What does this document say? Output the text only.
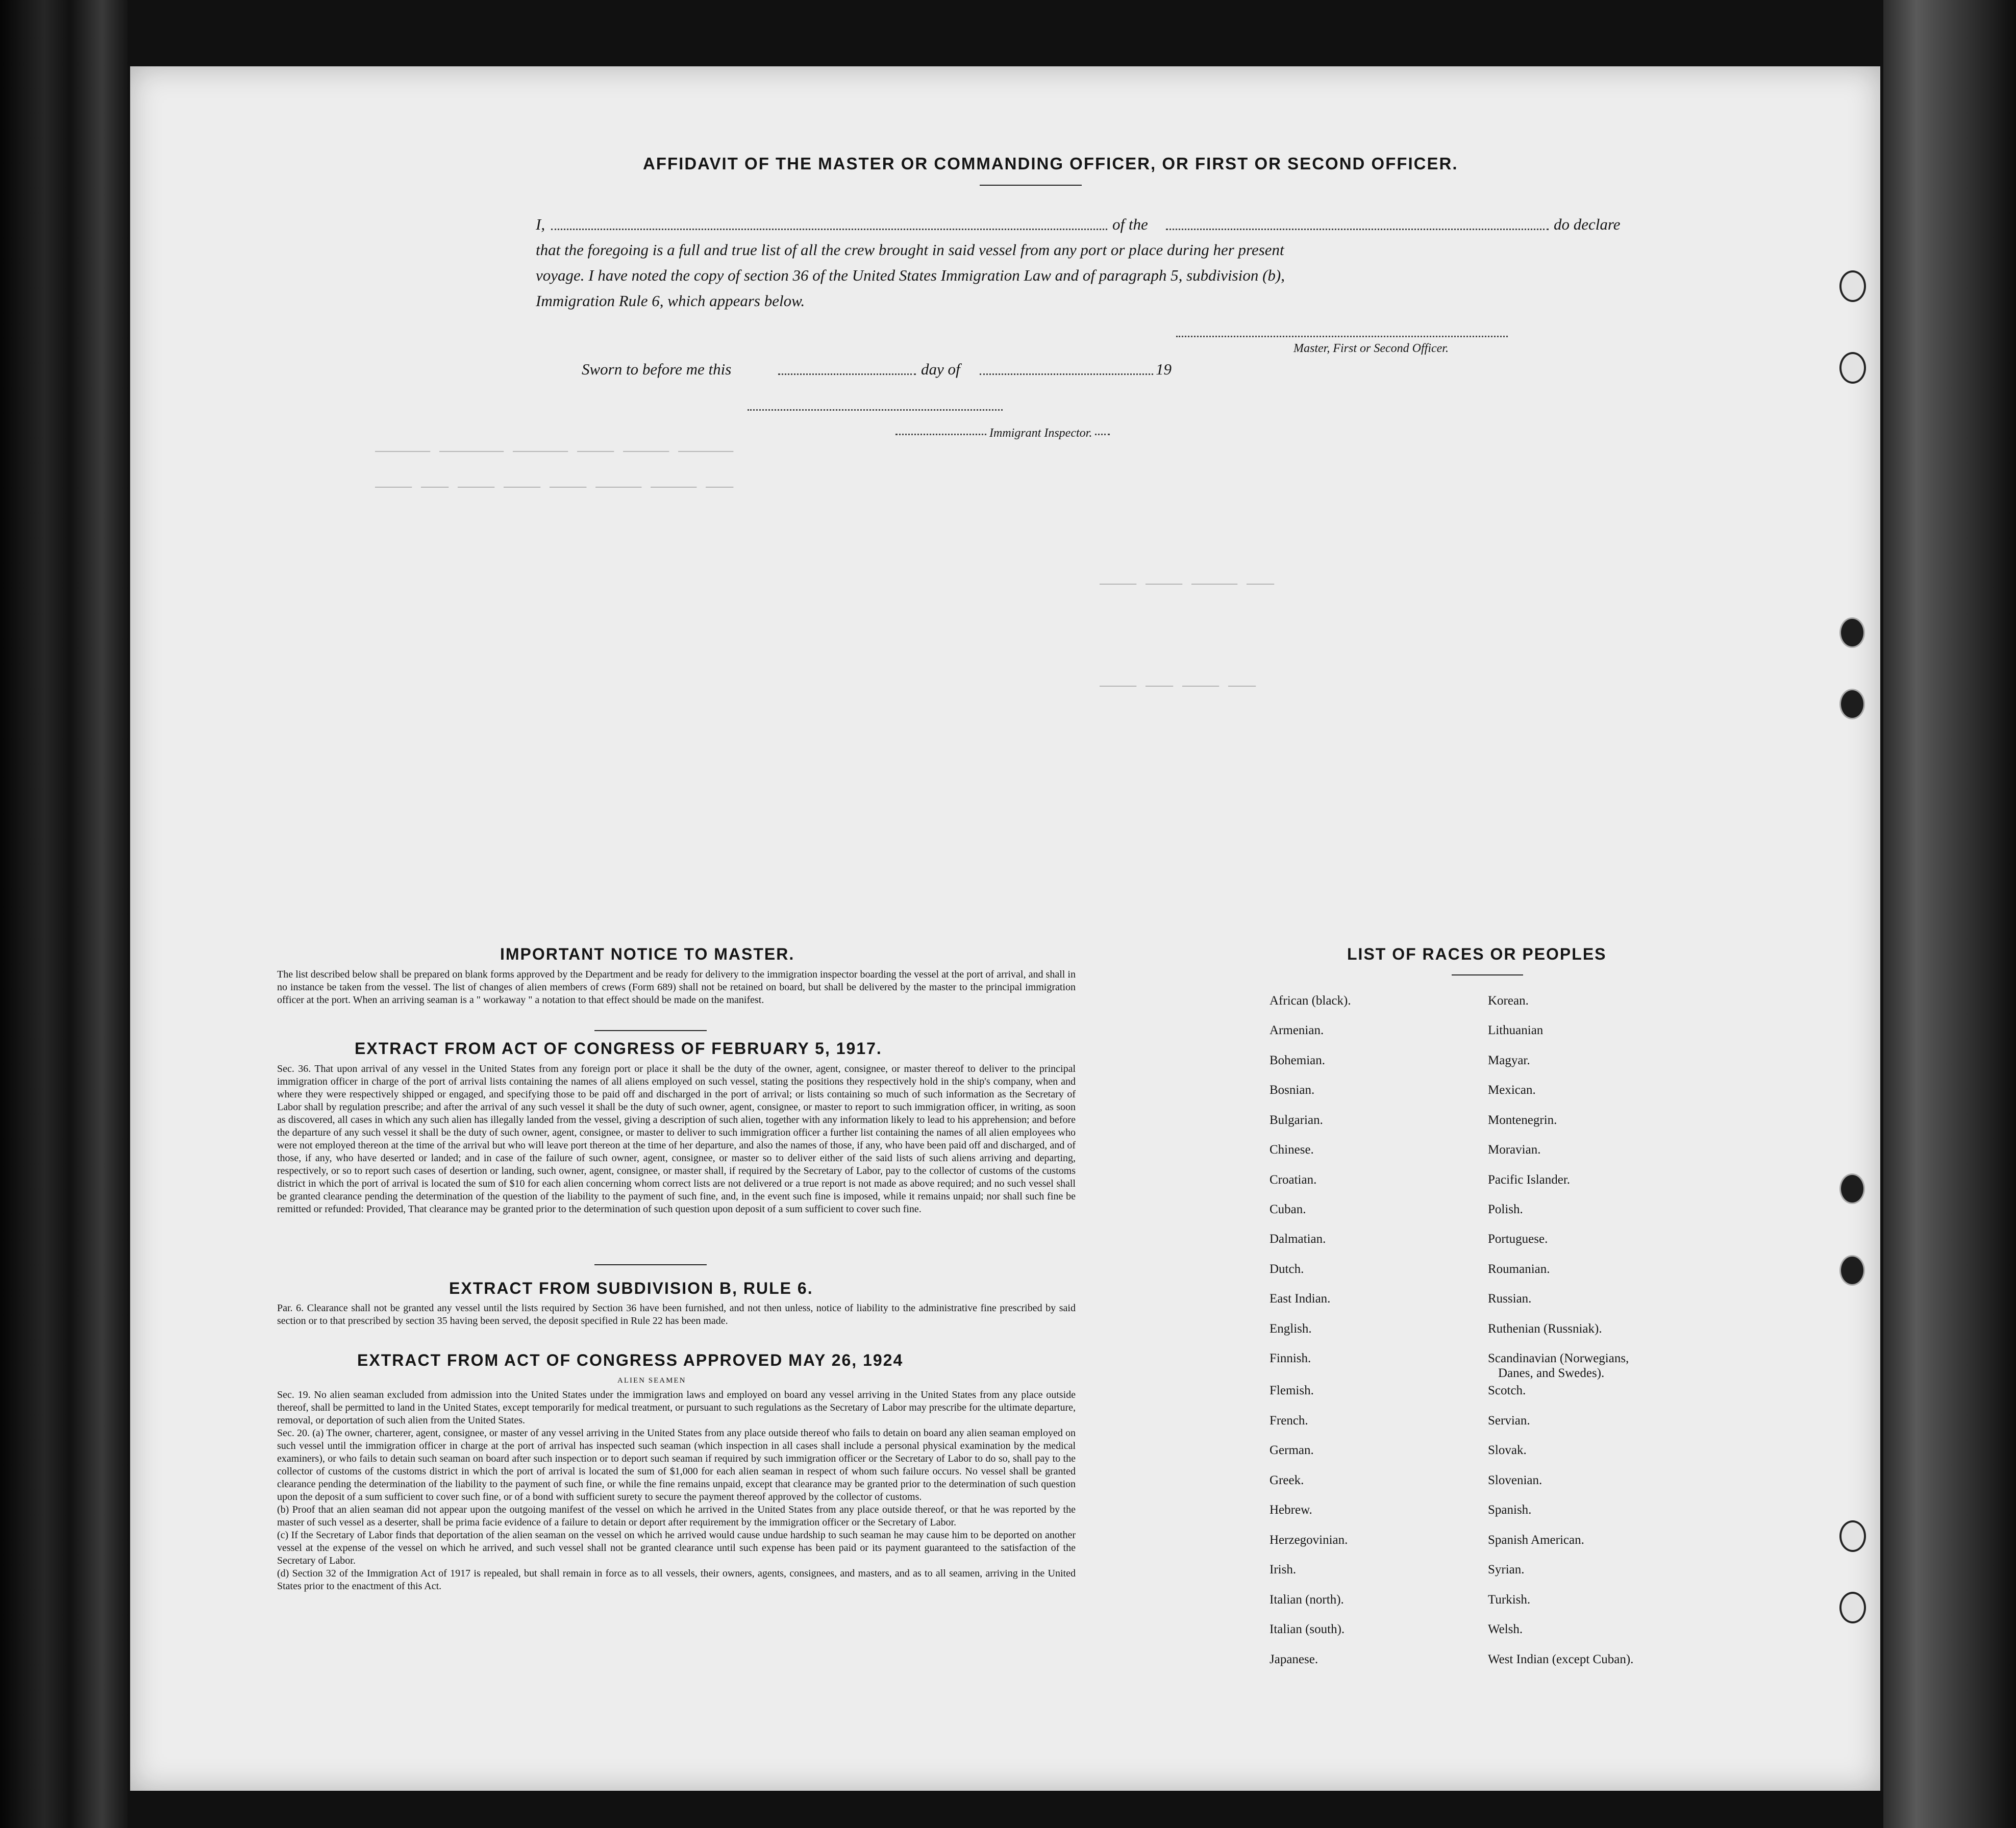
────── ─────── ────── ──── ───── ──────
──── ─── ──── ──── ──── ───── ───── ───
──── ──── ───── ───
──── ─── ──── ───
AFFIDAVIT OF THE MASTER OR COMMANDING OFFICER, OR FIRST OR SECOND OFFICER.
I,	of the	do declare
that the foregoing is a full and true list of all the crew brought in said vessel from any port or place during her present
voyage. I have noted the copy of section 36 of the United States Immigration Law and of paragraph 5, subdivision (b),
Immigration Rule 6, which appears below.
Master, First or Second Officer.
Sworn to before me this	day of	19
Immigrant Inspector.
IMPORTANT NOTICE TO MASTER.
The list described below shall be prepared on blank forms approved by the Department and be ready for delivery to the immigration inspector boarding the vessel at the port of arrival, and shall in no instance be taken from the vessel. The list of changes of alien members of crews (Form 689) shall not be retained on board, but shall be delivered by the master to the principal immigration officer at the port. When an arriving seaman is a " workaway " a notation to that effect should be made on the manifest.
EXTRACT FROM ACT OF CONGRESS OF FEBRUARY 5, 1917.
Sec. 36. That upon arrival of any vessel in the United States from any foreign port or place it shall be the duty of the owner, agent, consignee, or master thereof to deliver to the principal immigration officer in charge of the port of arrival lists containing the names of all aliens employed on such vessel, stating the positions they respectively hold in the ship's company, when and where they were respectively shipped or engaged, and specifying those to be paid off and discharged in the port of arrival; or lists containing so much of such information as the Secretary of Labor shall by regulation prescribe; and after the arrival of any such vessel it shall be the duty of such owner, agent, consignee, or master to report to such immigration officer, in writing, as soon as discovered, all cases in which any such alien has illegally landed from the vessel, giving a description of such alien, together with any information likely to lead to his apprehension; and before the departure of any such vessel it shall be the duty of such owner, agent, consignee, or master to deliver to such immigration officer a further list containing the names of all alien employees who were not employed thereon at the time of the arrival but who will leave port thereon at the time of her departure, and also the names of those, if any, who have been paid off and discharged, and of those, if any, who have deserted or landed; and in case of the failure of such owner, agent, consignee, or master so to deliver either of the said lists of such aliens arriving and departing, respectively, or so to report such cases of desertion or landing, such owner, agent, consignee, or master shall, if required by the Secretary of Labor, pay to the collector of customs of the customs district in which the port of arrival is located the sum of $10 for each alien concerning whom correct lists are not delivered or a true report is not made as above required; and no such vessel shall be granted clearance pending the determination of the question of the liability to the payment of such fine, and, in the event such fine is imposed, while it remains unpaid; nor shall such fine be remitted or refunded: Provided, That clearance may be granted prior to the determination of such question upon deposit of a sum sufficient to cover such fine.
EXTRACT FROM SUBDIVISION B, RULE 6.
Par. 6. Clearance shall not be granted any vessel until the lists required by Section 36 have been furnished, and not then unless, notice of liability to the administrative fine prescribed by said section or to that prescribed by section 35 having been served, the deposit specified in Rule 22 has been made.
EXTRACT FROM ACT OF CONGRESS APPROVED MAY 26, 1924
ALIEN SEAMEN
Sec. 19. No alien seaman excluded from admission into the United States under the immigration laws and employed on board any vessel arriving in the United States from any place outside thereof, shall be permitted to land in the United States, except temporarily for medical treatment, or pursuant to such regulations as the Secretary of Labor may prescribe for the ultimate departure, removal, or deportation of such alien from the United States.
Sec. 20. (a) The owner, charterer, agent, consignee, or master of any vessel arriving in the United States from any place outside thereof who fails to detain on board any alien seaman employed on such vessel until the immigration officer in charge at the port of arrival has inspected such seaman (which inspection in all cases shall include a personal physical examination by the medical examiners), or who fails to detain such seaman on board after such inspection or to deport such seaman if required by such immigration officer or the Secretary of Labor to do so, shall pay to the collector of customs of the customs district in which the port of arrival is located the sum of $1,000 for each alien seaman in respect of whom such failure occurs. No vessel shall be granted clearance pending the determination of the liability to the payment of such fine, or while the fine remains unpaid, except that clearance may be granted prior to the determination of such question upon the deposit of a sum sufficient to cover such fine, or of a bond with sufficient surety to secure the payment thereof approved by the collector of customs.
(b) Proof that an alien seaman did not appear upon the outgoing manifest of the vessel on which he arrived in the United States from any place outside thereof, or that he was reported by the master of such vessel as a deserter, shall be prima facie evidence of a failure to detain or deport after requirement by the immigration officer or the Secretary of Labor.
(c) If the Secretary of Labor finds that deportation of the alien seaman on the vessel on which he arrived would cause undue hardship to such seaman he may cause him to be deported on another vessel at the expense of the vessel on which he arrived, and such vessel shall not be granted clearance until such expense has been paid or its payment guaranteed to the satisfaction of the Secretary of Labor.
(d) Section 32 of the Immigration Act of 1917 is repealed, but shall remain in force as to all vessels, their owners, agents, consignees, and masters, and as to all seamen, arriving in the United States prior to the enactment of this Act.
LIST OF RACES OR PEOPLES
African (black).
Armenian.
Bohemian.
Bosnian.
Bulgarian.
Chinese.
Croatian.
Cuban.
Dalmatian.
Dutch.
East Indian.
English.
Finnish.
Flemish.
French.
German.
Greek.
Hebrew.
Herzegovinian.
Irish.
Italian (north).
Italian (south).
Japanese.
Korean.
Lithuanian
Magyar.
Mexican.
Montenegrin.
Moravian.
Pacific Islander.
Polish.
Portuguese.
Roumanian.
Russian.
Ruthenian (Russniak).
Scandinavian (Norwegians,
Danes, and Swedes).
Scotch.
Servian.
Slovak.
Slovenian.
Spanish.
Spanish American.
Syrian.
Turkish.
Welsh.
West Indian (except Cuban).
